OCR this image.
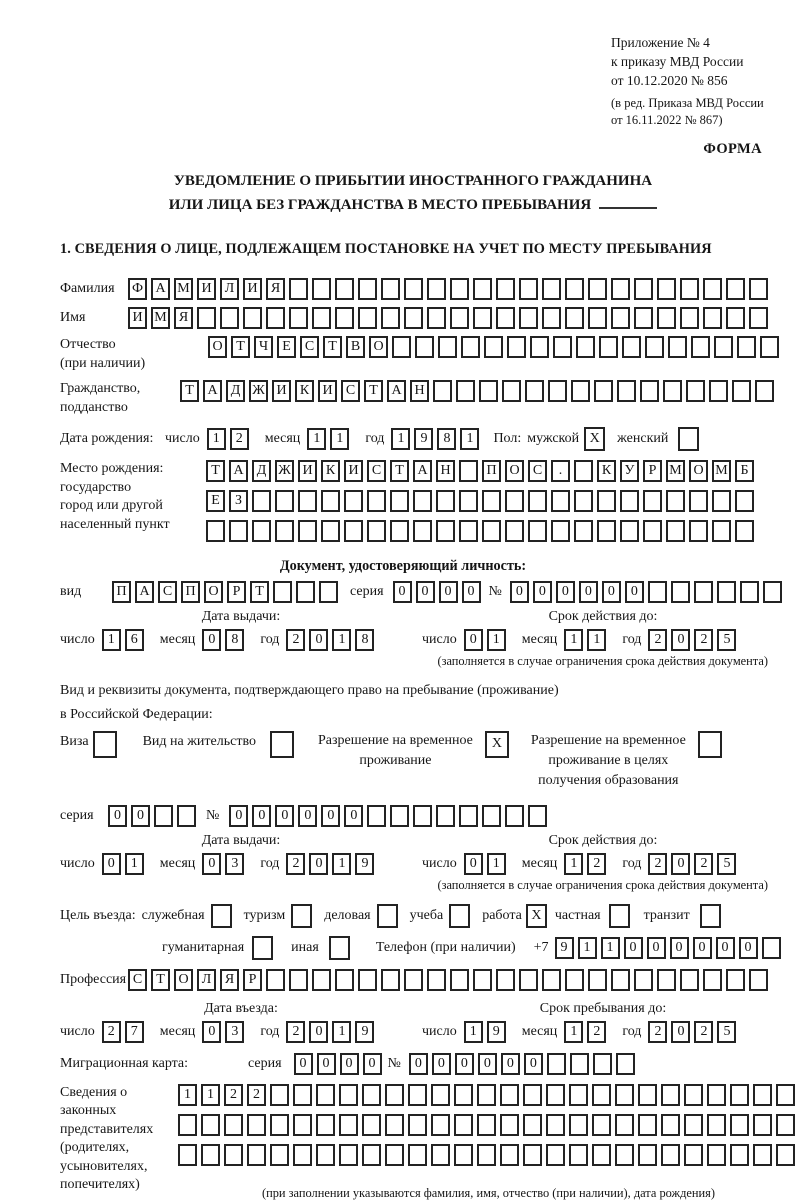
Приложение № 4
к приказу МВД России
от 10.12.2020 № 856
(в ред. Приказа МВД России
от 16.11.2022 № 867)
ФОРМА
УВЕДОМЛЕНИЕ О ПРИБЫТИИ ИНОСТРАННОГО ГРАЖДАНИНА
ИЛИ ЛИЦА БЕЗ ГРАЖДАНСТВА В МЕСТО ПРЕБЫВАНИЯ
1. СВЕДЕНИЯ О ЛИЦЕ, ПОДЛЕЖАЩЕМ ПОСТАНОВКЕ НА УЧЕТ ПО МЕСТУ ПРЕБЫВАНИЯ
Фамилия	Ф А М И Л И Я
Имя	И М Я
Отчество
(при наличии)
О Т	Ч	Е	С	Т	В О
Гражданство,
подданство
Т А Д Ж И К И С	Т А Н
Дата рождения: число 1	2	месяц 1	1	год 1	9	8	1	Пол: мужской X	женский
Место рождения:
государство
город или другой
населенный пункт
Т А Д Ж И К И С	Т А Н	П О С	.	К У	Р М О М Б
Е	З
Документ, удостоверяющий личность:
вид	П А С П О	Р	Т	серия	0	0	0	0	№	0	0	0	0	0	0
Дата выдачи:
число 1	6	месяц 0	8	год 2	0	1	8
Срок действия до:
число 0	1	месяц 1	1	год 2	0	2	5
(заполняется в случае ограничения срока действия документа)
Вид и реквизиты документа, подтверждающего право на пребывание (проживание)
в Российской Федерации:
Виза	Вид на жительство	Разрешение на временное
проживание
X	Разрешение на временное
проживание в целях
получения образования
серия	0	0	№	0	0	0	0	0	0
Дата выдачи:
число 0	1	месяц 0	3	год 2	0	1	9
Срок действия до:
число 0	1	месяц 1	2	год 2	0	2	5
(заполняется в случае ограничения срока действия документа)
Цель въезда: служебная	туризм	деловая	учеба	работа X частная	транзит
гуманитарная	иная	Телефон (при наличии) +7 9	1	1	0	0	0	0	0	0
Профессия С	Т О Л Я	Р
Дата въезда:
число 2	7	месяц 0	3	год 2	0	1	9
Срок пребывания до:
число 1	9	месяц 1	2	год 2	0	2	5
Миграционная карта:	серия	0	0	0	0 №	0	0	0	0	0	0
Сведения о
законных
представителях
(родителях,
усыновителях,
попечителях)
1	1	2	2
(при заполнении указываются фамилия, имя, отчество (при наличии), дата рождения)
